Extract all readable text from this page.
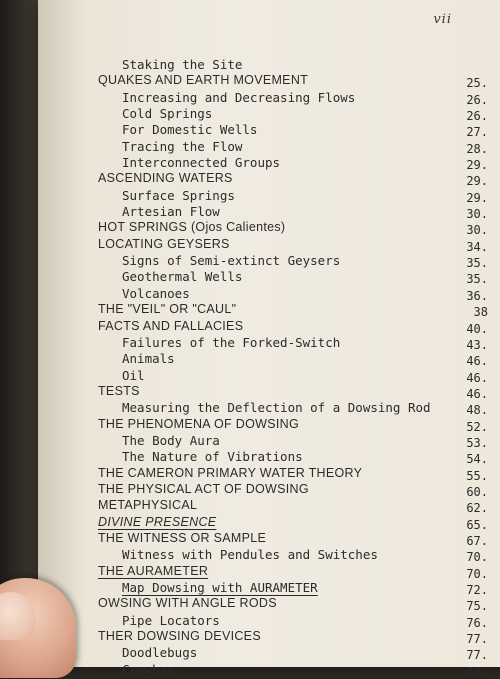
vii
Staking the Site
QUAKES AND EARTH MOVEMENT	25.
Increasing and Decreasing Flows	26.
Cold Springs	26.
For Domestic Wells	27.
Tracing the Flow	28.
Interconnected Groups	29.
ASCENDING WATERS	29.
Surface Springs	29.
Artesian Flow	30.
HOT SPRINGS (Ojos Calientes)	30.
LOCATING GEYSERS	34.
Signs of Semi-extinct Geysers	35.
Geothermal Wells	35.
Volcanoes	36.
THE "VEIL" OR "CAUL"	38
FACTS AND FALLACIES	40.
Failures of the Forked-Switch	43.
Animals	46.
Oil	46.
TESTS	46.
Measuring the Deflection of a Dowsing Rod	48.
THE PHENOMENA OF DOWSING	52.
The Body Aura	53.
The Nature of Vibrations	54.
THE CAMERON PRIMARY WATER THEORY	55.
THE PHYSICAL ACT OF DOWSING	60.
METAPHYSICAL	62.
DIVINE PRESENCE	65.
THE WITNESS OR SAMPLE	67.
Witness with Pendules and Switches	70.
THE AURAMETER	70.
Map Dowsing with AURAMETER	72.
OWSING WITH ANGLE RODS	75.
Pipe Locators	76.
THER DOWSING DEVICES	77.
Doodlebugs	77.
Crowbar	78.
